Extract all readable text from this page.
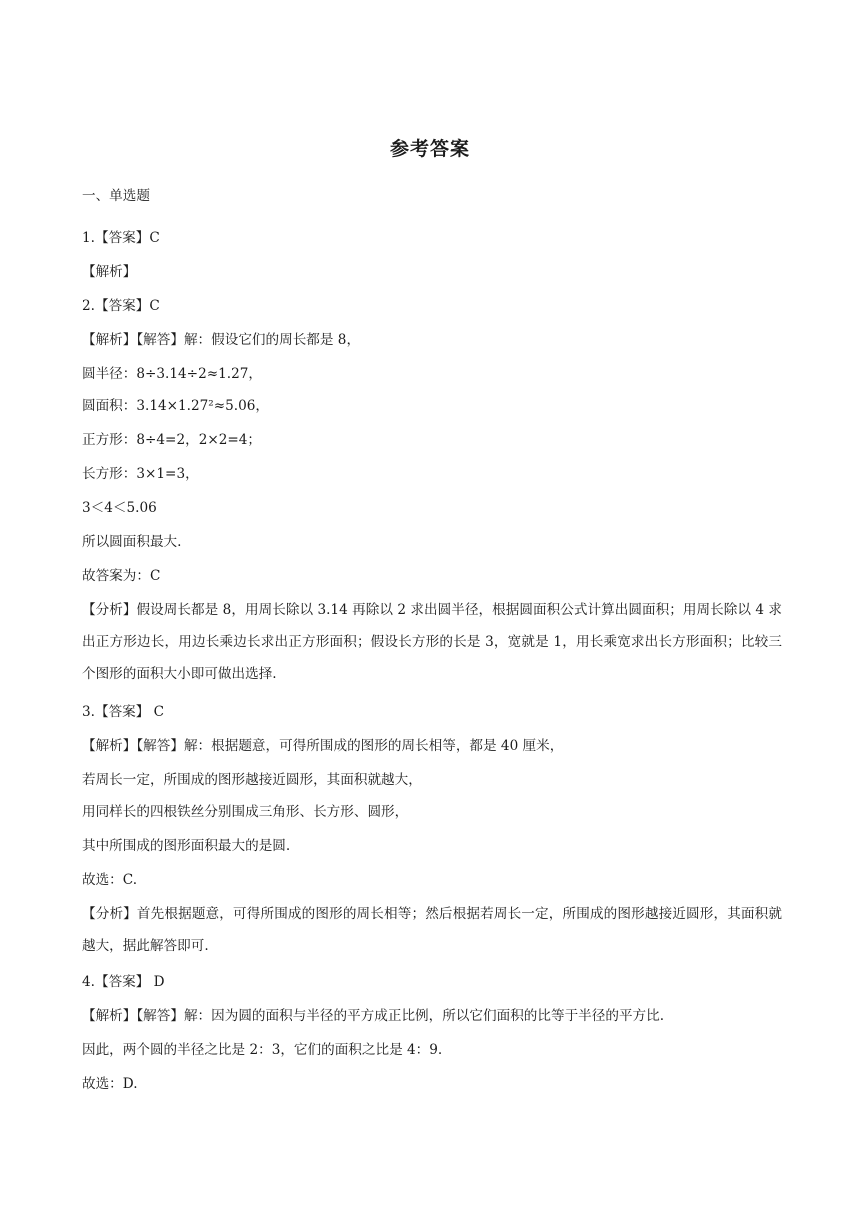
参考答案
一、单选题
1.【答案】C
【解析】
2.【答案】C
【解析】【解答】解：假设它们的周长都是 8，
圆半径：8÷3.14÷2≈1.27，
圆面积：3.14×1.27²≈5.06，
正方形：8÷4=2，2×2=4；
长方形：3×1=3，
3＜4＜5.06
所以圆面积最大.
故答案为：C
【分析】假设周长都是 8，用周长除以 3.14 再除以 2 求出圆半径，根据圆面积公式计算出圆面积；用周长除以 4 求出正方形边长，用边长乘边长求出正方形面积；假设长方形的长是 3，宽就是 1，用长乘宽求出长方形面积；比较三个图形的面积大小即可做出选择.
3.【答案】 C
【解析】【解答】解：根据题意，可得所围成的图形的周长相等，都是 40 厘米，
若周长一定，所围成的图形越接近圆形，其面积就越大，
用同样长的四根铁丝分别围成三角形、长方形、圆形，
其中所围成的图形面积最大的是圆.
故选：C.
【分析】首先根据题意，可得所围成的图形的周长相等；然后根据若周长一定，所围成的图形越接近圆形，其面积就越大，据此解答即可.
4.【答案】 D
【解析】【解答】解：因为圆的面积与半径的平方成正比例，所以它们面积的比等于半径的平方比.
因此，两个圆的半径之比是 2：3，它们的面积之比是 4：9.
故选：D.
